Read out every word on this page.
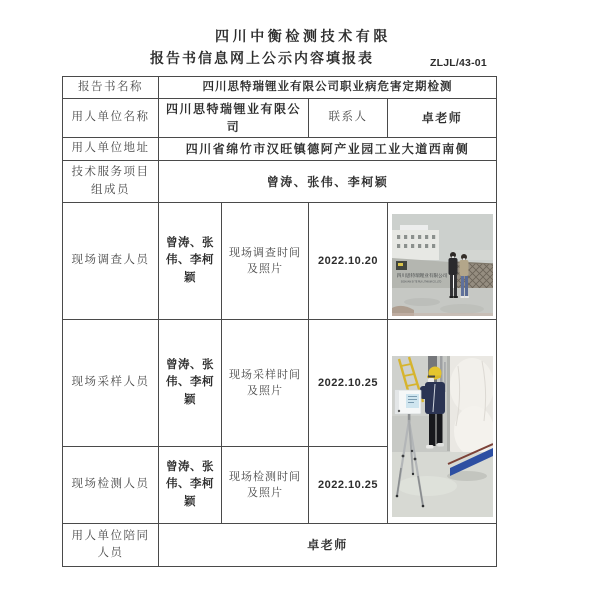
四川中衡检测技术有限
报告书信息网上公示内容填报表	ZLJL/43-01
报告书名称	四川思特瑞锂业有限公司职业病危害定期检测			
用人单位名称	四川思特瑞锂业有限公司		联系人	卓老师
用人单位地址	四川省绵竹市汉旺镇德阿产业园工业大道西南侧			
技术服务项目组成员	曾涛、张伟、李柯颖			
现场调查人员	曾涛、张伟、李柯颖	现场调查时间及照片	2022.10.20	四川思特瑞锂业有限公司
SICHUAN SI TE RUI LITHIUM CO.,LTD

现场采样人员	曾涛、张伟、李柯颖	现场采样时间及照片	2022.10.25	

现场检测人员	曾涛、张伟、李柯颖	现场检测时间及照片	2022.10.25	
用人单位陪同人员	卓老师			
